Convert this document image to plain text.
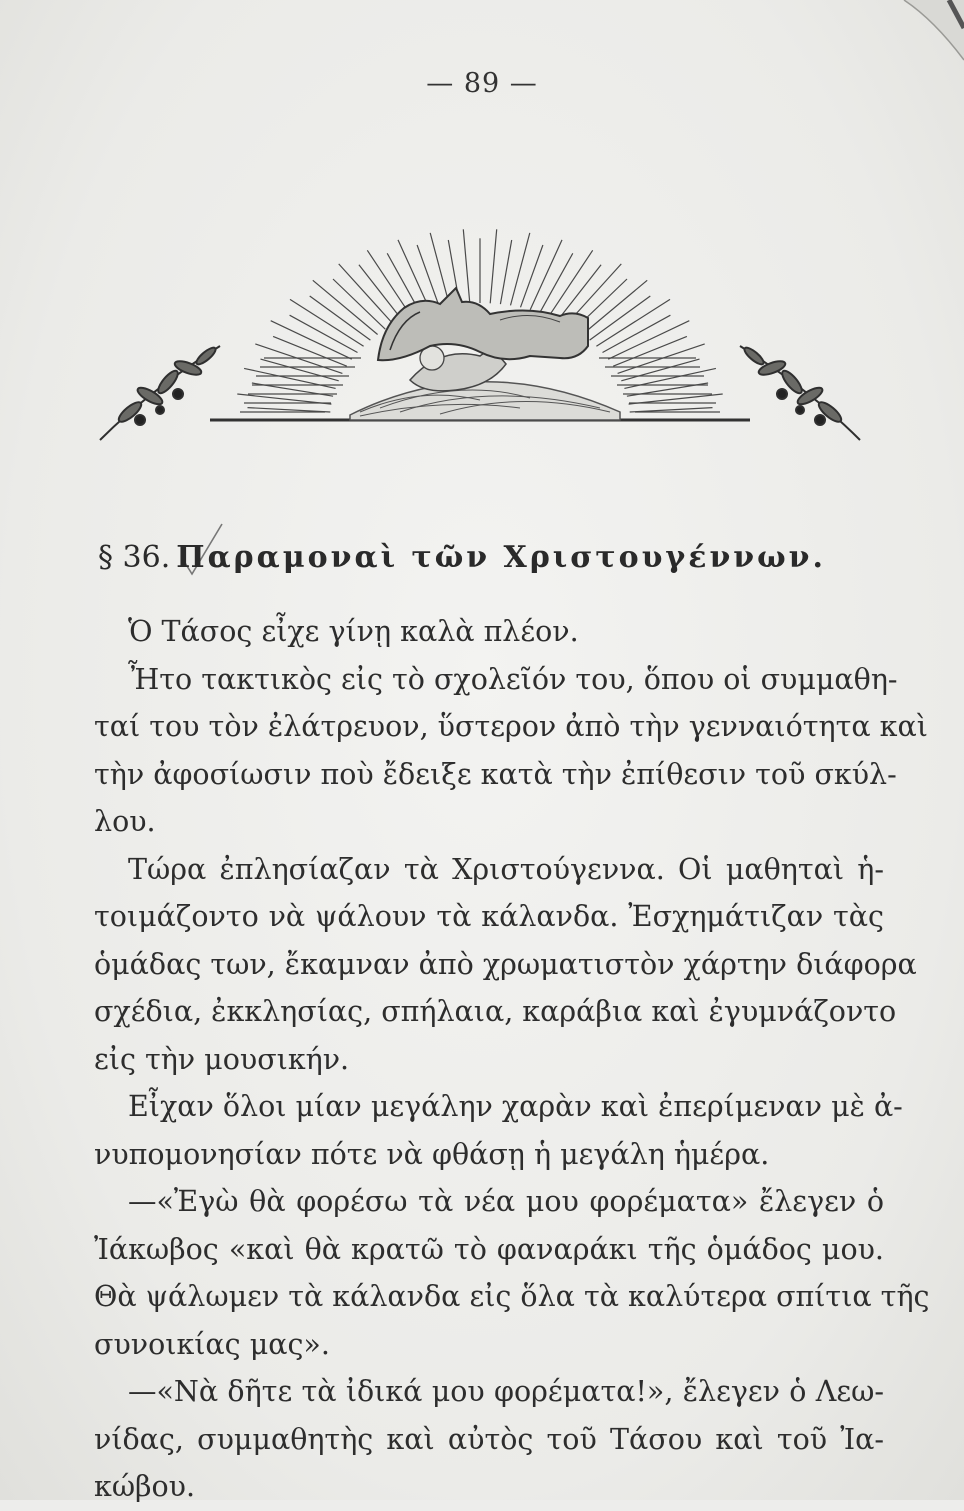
— 89 —
§ 36. Παραμοναὶ τῶν Χριστουγέννων.
Ὁ Τάσος εἶχε γίνῃ καλὰ πλέον.
Ἦτο τακτικὸς εἰς τὸ σχολεῖόν του, ὅπου οἱ συμμαθη-
ταί του τὸν ἐλάτρευον, ὕστερον ἀπὸ τὴν γενναιότητα καὶ
τὴν ἀφοσίωσιν ποὺ ἔδειξε κατὰ τὴν ἐπίθεσιν τοῦ σκύλ-
λου.
Τώρα ἐπλησίαζαν τὰ Χριστούγεννα. Οἱ μαθηταὶ ἡ-
τοιμάζοντο νὰ ψάλουν τὰ κάλανδα. Ἐσχημάτιζαν τὰς
ὁμάδας των, ἔκαμναν ἀπὸ χρωματιστὸν χάρτην διάφορα
σχέδια, ἐκκλησίας, σπήλαια, καράβια καὶ ἐγυμνάζοντο
εἰς τὴν μουσικήν.
Εἶχαν ὅλοι μίαν μεγάλην χαρὰν καὶ ἐπερίμεναν μὲ ἀ-
νυπομονησίαν πότε νὰ φθάσῃ ἡ μεγάλη ἡμέρα.
—«Ἐγὼ θὰ φορέσω τὰ νέα μου φορέματα» ἔλεγεν ὁ
Ἰάκωβος «καὶ θὰ κρατῶ τὸ φαναράκι τῆς ὁμάδος μου.
Θὰ ψάλωμεν τὰ κάλανδα εἰς ὅλα τὰ καλύτερα σπίτια τῆς
συνοικίας μας».
—«Νὰ δῆτε τὰ ἰδικά μου φορέματα!», ἔλεγεν ὁ Λεω-
νίδας, συμμαθητὴς καὶ αὐτὸς τοῦ Τάσου καὶ τοῦ Ἰα-
κώβου.
